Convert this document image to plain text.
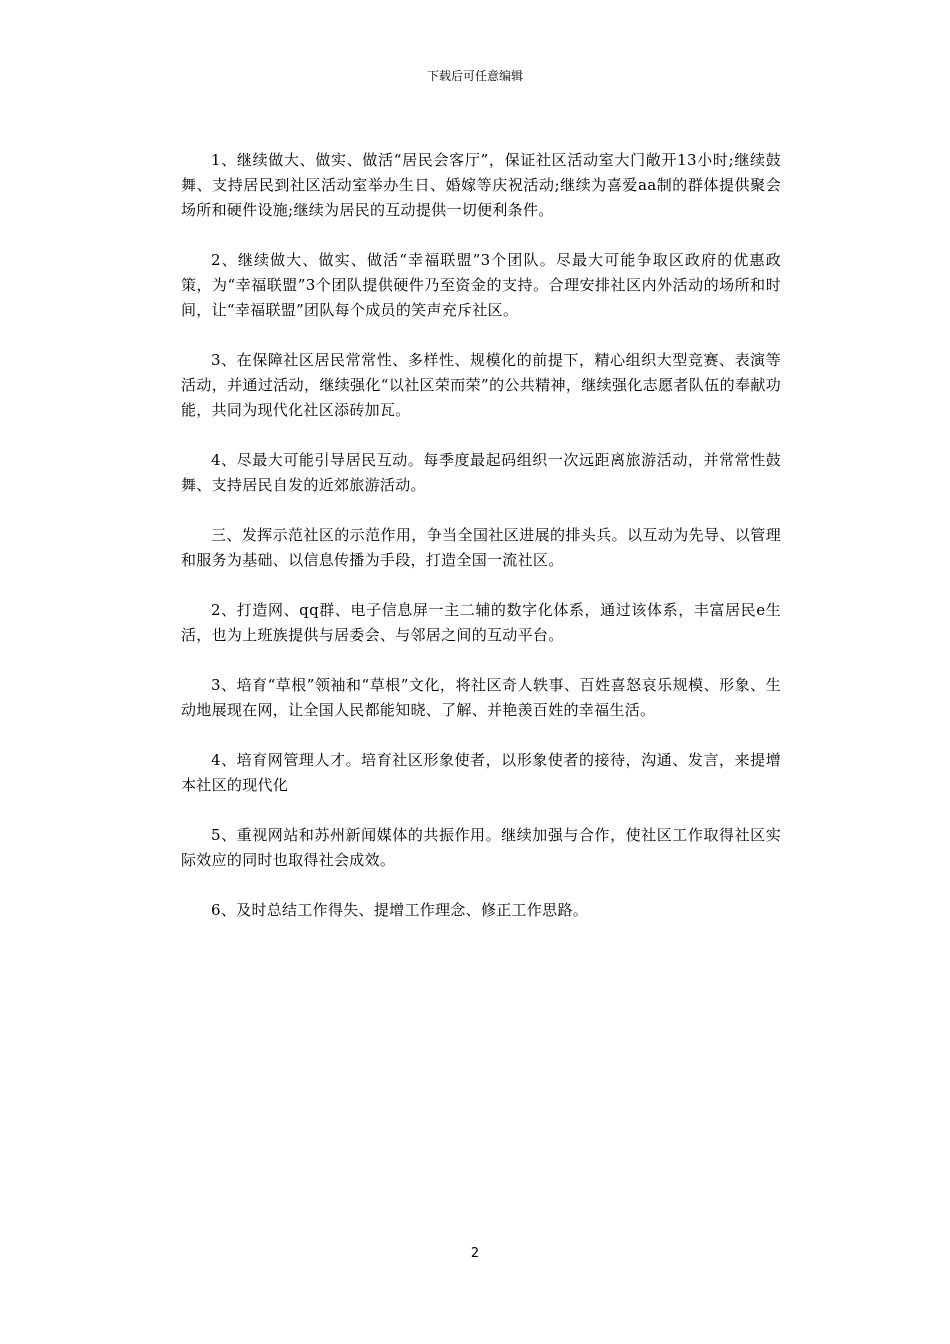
下载后可任意编辑

1、继续做大、做实、做活“居民会客厅”，保证社区活动室大门敞开13小时;继续鼓舞、支持居民到社区活动室举办生日、婚嫁等庆祝活动;继续为喜爱aa制的群体提供聚会场所和硬件设施;继续为居民的互动提供一切便利条件。

2、继续做大、做实、做活“幸福联盟”3个团队。尽最大可能争取区政府的优惠政策，为“幸福联盟”3个团队提供硬件乃至资金的支持。合理安排社区内外活动的场所和时间，让“幸福联盟”团队每个成员的笑声充斥社区。

3、在保障社区居民常常性、多样性、规模化的前提下，精心组织大型竞赛、表演等活动，并通过活动，继续强化“以社区荣而荣”的公共精神，继续强化志愿者队伍的奉献功能，共同为现代化社区添砖加瓦。

4、尽最大可能引导居民互动。每季度最起码组织一次远距离旅游活动，并常常性鼓舞、支持居民自发的近郊旅游活动。

三、发挥示范社区的示范作用，争当全国社区进展的排头兵。以互动为先导、以管理和服务为基础、以信息传播为手段，打造全国一流社区。

2、打造网、qq群、电子信息屏一主二辅的数字化体系，通过该体系，丰富居民e生活，也为上班族提供与居委会、与邻居之间的互动平台。

3、培育“草根”领袖和“草根”文化，将社区奇人轶事、百姓喜怒哀乐规模、形象、生动地展现在网，让全国人民都能知晓、了解、并艳羡百姓的幸福生活。

4、培育网管理人才。培育社区形象使者，以形象使者的接待，沟通、发言，来提增本社区的现代化

5、重视网站和苏州新闻媒体的共振作用。继续加强与合作，使社区工作取得社区实际效应的同时也取得社会成效。

6、及时总结工作得失、提增工作理念、修正工作思路。

2
